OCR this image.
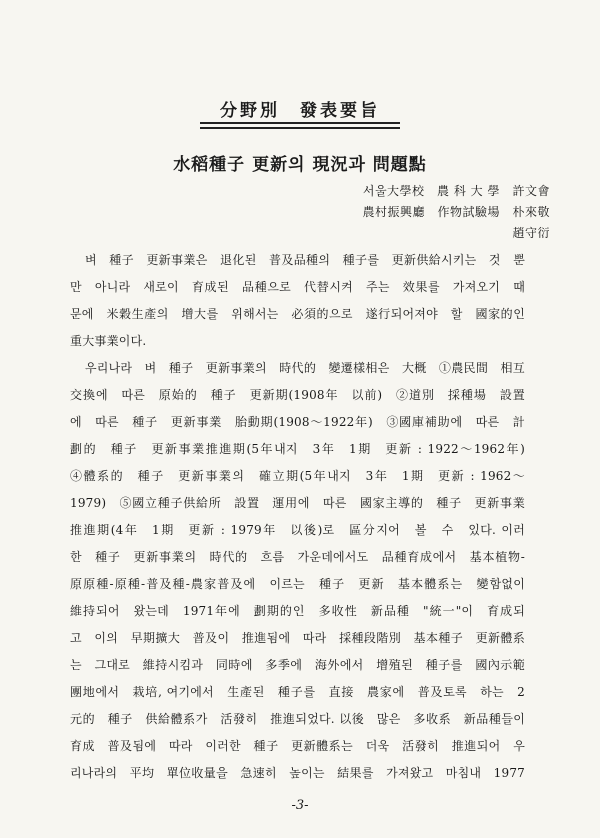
分野別　發表要旨
水稻種子 更新의 現況과 問題點
서울大學校　農 科 大 學　許文會
農村振興廳　作物試驗場　朴來敬
趙守衍
벼　種子　更新事業은　退化된　普及品種의　種子를　更新供給시키는　것　뿐
만　아니라　새로이　育成된　品種으로　代替시켜　주는　效果를　가져오기　때
문에　米穀生產의　增大를　위해서는　必須的으로　遂行되어져야　할　國家的인
重大事業이다.
우리나라　벼　種子　更新事業의　時代的　變遷樣相은　大概　①農民間　相互
交換에　따른　原始的　種子　更新期(1908年　以前)　②道別　採種場　設置
에　따른　種子　更新事業　胎動期(1908～1922年)　③國庫補助에　따른　計
劃的　種子　更新事業推進期(5年내지　3年　1期　更新 : 1922～1962年)
④體系的　種子　更新事業의　確立期(5年내지　3年　1期　更新 : 1962～
1979)　⑤國立種子供給所　設置　運用에　따른　國家主導的　種子　更新事業
推進期(4年　1期　更新 : 1979年　以後)로　區分지어　볼　수　있다. 이러
한　種子　更新事業의　時代的　흐름　가운데에서도　品種育成에서　基本植物-
原原種-原種-普及種-農家普及에　이르는　種子　更新　基本體系는　變함없이
維持되어　왔는데　1971年에　劃期的인　多收性　新品種　"統一"이　育成되
고　이의　早期擴大　普及이　推進됨에　따라　採種段階別　基本種子　更新體系
는　그대로　維持시킴과　同時에　多季에　海外에서　增殖된　種子를　國內示範
團地에서　栽培, 여기에서　生產된　種子를　直接　農家에　普及토록　하는　2
元的　種子　供給體系가　活發히　推進되었다. 以後　많은　多收系　新品種들이
育成　普及됨에　따라　이러한　種子　更新體系는　더욱　活發히　推進되어　우
리나라의　平均　單位收量을　急速히　높이는　結果를　가져왔고　마침내　1977
-3-
